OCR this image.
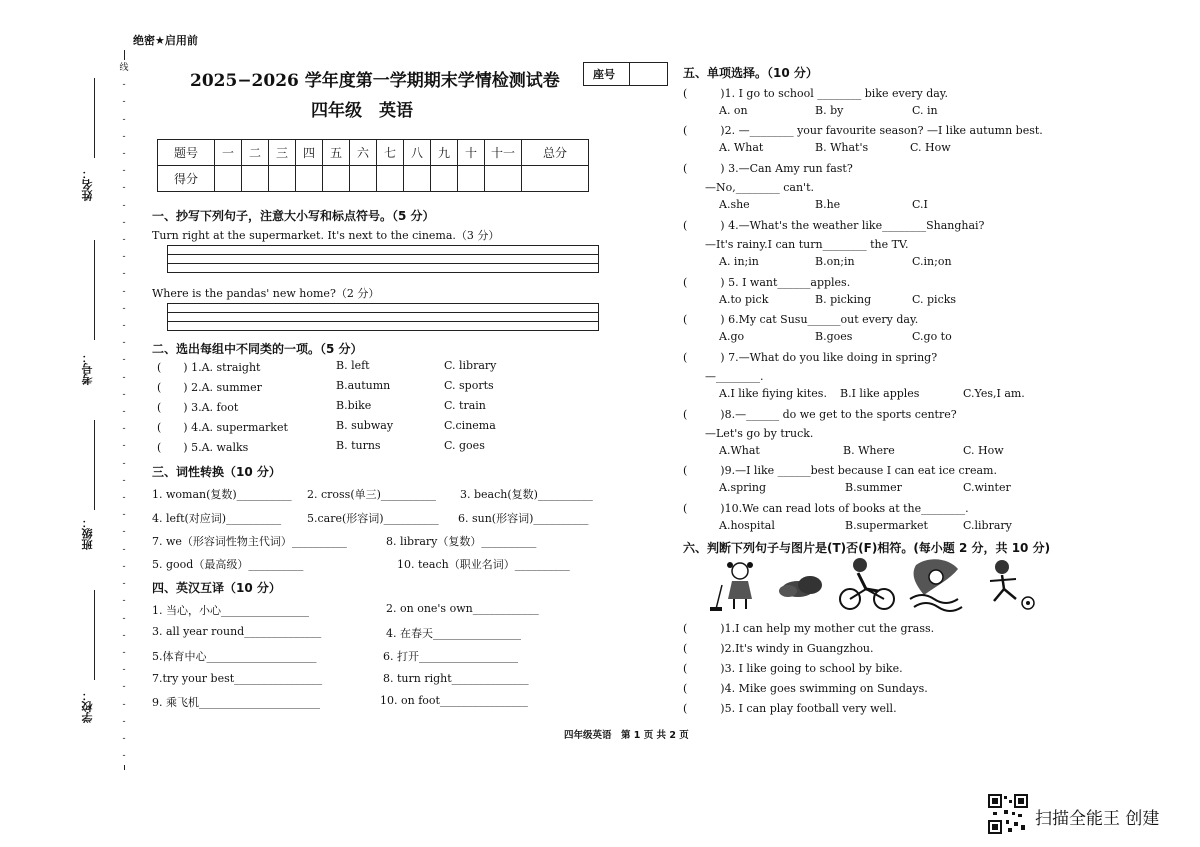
绝密★启用前
线
-
-
-
-
-
-
-
-
-
-
-
-
-
-
-
-
-
-
-
-
-
-
-
-
-
-
-
-
-
-
-
-
-
-
-
-
-
-
-
-
姓名：
考号：
班级：
学校：
2025−2026 学年度第一学期期末学情检测试卷
四年级　英语
座号
题号	一	二	三	四	五	六	七	八	九	十	十一	总分
得分												
一、抄写下列句子，注意大小写和标点符号。（5 分）
Turn right at the supermarket. It's next to the cinema.（3 分）
Where is the pandas' new home?（2 分）
二、选出每组中不同类的一项。（5 分）
(　　) 1.A. straight	B. left	C. library
(　　) 2.A. summer	B.autumn	C. sports
(　　) 3.A. foot	B.bike	C. train
(　　) 4.A. supermarket	B. subway	C.cinema
(　　) 5.A. walks	B. turns	C. goes
三、词性转换（10 分）
1. woman(复数)__________ 2. cross(单三)__________ 3. beach(复数)__________
4. left(对应词)__________ 5.care(形容词)__________ 6. sun(形容词)__________
7. we（形容词性物主代词）__________	8. library（复数）__________
5. good（最高级）__________	10. teach（职业名词）__________
四、英汉互译（10 分）
1. 当心，小心________________	2. on one's own____________
3. all year round______________	4. 在春天________________
5.体育中心____________________	6. 打开__________________
7.try your best________________	8. turn right______________
9. 乘飞机______________________	10. on foot________________
五、单项选择。（10 分）
(　　　)1. I go to school ________ bike every day.
A. on	B. by	C. in
(　　　)2. —________ your favourite season? —I like autumn best.
A. What	B. What's	C. How
(　　　) 3.—Can Amy run fast?
　　—No,________ can't.
A.she	B.he	C.I
(　　　) 4.—What's the weather like________Shanghai?
　　—It's rainy.I can turn________ the TV.
A. in;in	B.on;in	C.in;on
(　　　) 5. I want______apples.
A.to pick	B. picking	C. picks
(　　　) 6.My cat Susu______out every day.
A.go	B.goes	C.go to
(　　　) 7.—What do you like doing in spring?
　　—________.
A.I like fiying kites. B.I like apples	C.Yes,I am.
(　　　)8.—______ do we get to the sports centre?
　　—Let's go by truck.
A.What	B. Where	C. How
(　　　)9.—I like ______best because I can eat ice cream.
A.spring	B.summer	C.winter
(　　　)10.We can read lots of books at the________.
A.hospital	B.supermarket	C.library
六、判断下列句子与图片是(T)否(F)相符。(每小题 2 分，共 10 分)
(　　　)1.I can help my mother cut the grass.
(　　　)2.It's windy in Guangzhou.
(　　　)3. I like going to school by bike.
(　　　)4. Mike goes swimming on Sundays.
(　　　)5. I can play football very well.
四年级英语　第 1 页 共 2 页
扫描全能王 创建
